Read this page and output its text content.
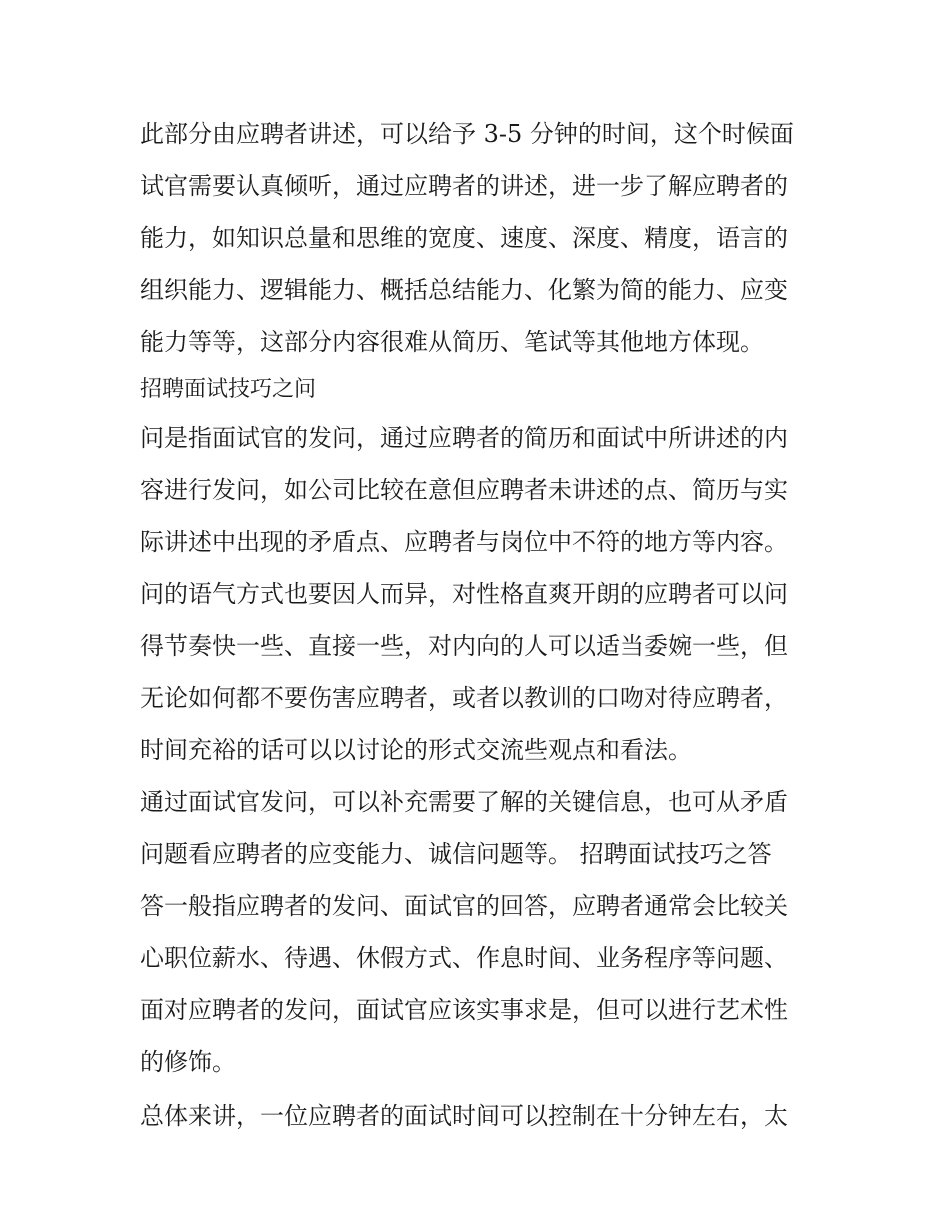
此部分由应聘者讲述，可以给予 3-5 分钟的时间，这个时候面
试官需要认真倾听，通过应聘者的讲述，进一步了解应聘者的
能力，如知识总量和思维的宽度、速度、深度、精度，语言的
组织能力、逻辑能力、概括总结能力、化繁为简的能力、应变
能力等等，这部分内容很难从简历、笔试等其他地方体现。

招聘面试技巧之问

问是指面试官的发问，通过应聘者的简历和面试中所讲述的内
容进行发问，如公司比较在意但应聘者未讲述的点、简历与实
际讲述中出现的矛盾点、应聘者与岗位中不符的地方等内容。

问的语气方式也要因人而异，对性格直爽开朗的应聘者可以问
得节奏快一些、直接一些，对内向的人可以适当委婉一些，但
无论如何都不要伤害应聘者，或者以教训的口吻对待应聘者，
时间充裕的话可以以讨论的形式交流些观点和看法。

通过面试官发问，可以补充需要了解的关键信息，也可从矛盾
问题看应聘者的应变能力、诚信问题等。 招聘面试技巧之答
答一般指应聘者的发问、面试官的回答，应聘者通常会比较关
心职位薪水、待遇、休假方式、作息时间、业务程序等问题、
面对应聘者的发问，面试官应该实事求是，但可以进行艺术性
的修饰。

总体来讲，一位应聘者的面试时间可以控制在十分钟左右，太
